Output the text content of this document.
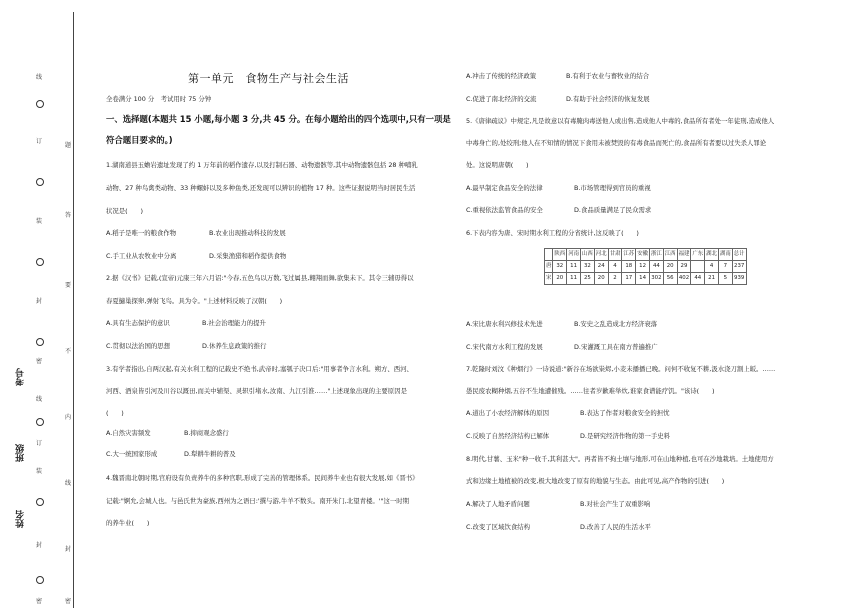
线
订
装
封
密
线
订
装
封
密
题
答
要
不
内
线
封
密
考号
班级
姓名
第一单元　食物生产与社会生活
全卷满分 100 分　考试用时 75 分钟
一、选择题(本题共 15 小题,每小题 3 分,共 45 分。在每小题给出的四个选项中,只有一项是
符合题目要求的。)
1.湖南道县玉蟾岩遗址发现了约 1 万年前的稻作遗存,以及打制石器、动物遗骸等,其中动物遗骸包括 28 种哺乳
动物、27 种鸟禽类动物、33 种螺蚌以及多种鱼类,还发现可以辨识的植物 17 种。这些证据说明当时居民生活
状况是(　　)
A.稻子是唯一的粮食作物	B.农业出现推动科技的发展
C.手工业从农牧业中分离	D.采集渔猎和稻作提供食物
2.据《汉书》记载,(宣帝)元康三年六月诏:"今春,五色鸟以万数,飞过属县,翱翔而舞,欲集未下。其令三辅毋得以
春夏擿巢探卵,弹射飞鸟。具为令。"上述材料反映了汉朝(　　)
A.具有生态保护的意识	B.社会治理能力的提升
C.贯彻以法治国的思想	D.休养生息政策的推行
3.有学者指出,自两汉起,有关水利工程的记载史不绝书,武帝时,塞瓠子决口后:"用事者争言水利。朔方、西河、
河西、酒泉皆引河及川谷以溉田,而关中辅渠、灵轵引堵水,汝南、九江引淮……"上述现象出现的主要原因是
(　　)
A.自然灾害频发	B.抑商观念盛行
C.大一统国家形成	D.犁耕牛耕的普及
4.魏晋南北朝时期,官府设有负责养牛的多种官职,形成了完善的管理体系。民间养牛业也有很大发展,如《晋书》
记载:"婀允,会城人也。与邑氏世为豪族,西州为之语曰:'撰与游,牛羊不数头。南开朱门,北望青楼。'"这一时期
的养牛业(　　)
A.冲击了传统的经济政策	B.有利于农业与畜牧业的结合
C.促进了南北经济的交流	D.有助于社会经济的恢复发展
5.《唐律疏议》中规定,凡是故意以有毒腌肉毒送他人或出售,造成他人中毒的,食品所有者处一年徒刑,造成他人
中毒身亡的,处绞刑;他人在不知情的情况下食用未被焚毁的有毒食品而死亡的,食品所有者要以过失杀人罪论
处。这说明唐朝(　　)
A.最早制定食品安全的法律	B.市场管理得到官员的重视
C.重视依法监管食品的安全	D.食品质量满足了民众需求
6.下表内容为唐、宋时期水利工程的分省统计,这反映了(　　)
	陕西	河南	山西	河北	甘肃	江苏	安徽	浙江	江西	福建	广东	湖北	湖南	总计
唐	32	11	32	24	4	18	12	44	20	29		4	7	237
宋	20	11	25	20	2	17	14	302	56	402	44	21	5	939
A.宋比唐水利兴修技术先进	B.安史之乱造成北方经济衰落
C.宋代南方水利工程的发展	D.宋灌溉工具在南方普遍推广
7.乾隆时刘汶《种烟行》一诗说道:"新谷在场欲粜烬,小麦未播播已晚。问何不收复不耕,汲水浇刀割上皈。……
愚民废农糊种烟,五谷不生地遭催残。……往者岁歉难举炊,谁家食谱能疗饥。"该诗(　　)
A.道出了小农经济解体的原因	B.表达了作者对粮食安全的担忧
C.反映了自然经济结构已解体	D.是研究经济作物的第一手史料
8.明代,甘薯、玉米"种一收千,其利甚大"。再者皆不拘土壤与地形,可在山地种植,也可在沙地栽培。土地使用方
式和边缘土地植被的改变,极大地改变了原有的地貌与生态。由此可见,高产作物的引进(　　)
A.解决了人地矛盾问题	B.对社会产生了双重影响
C.改变了区域饮食结构	D.改善了人民的生活水平
